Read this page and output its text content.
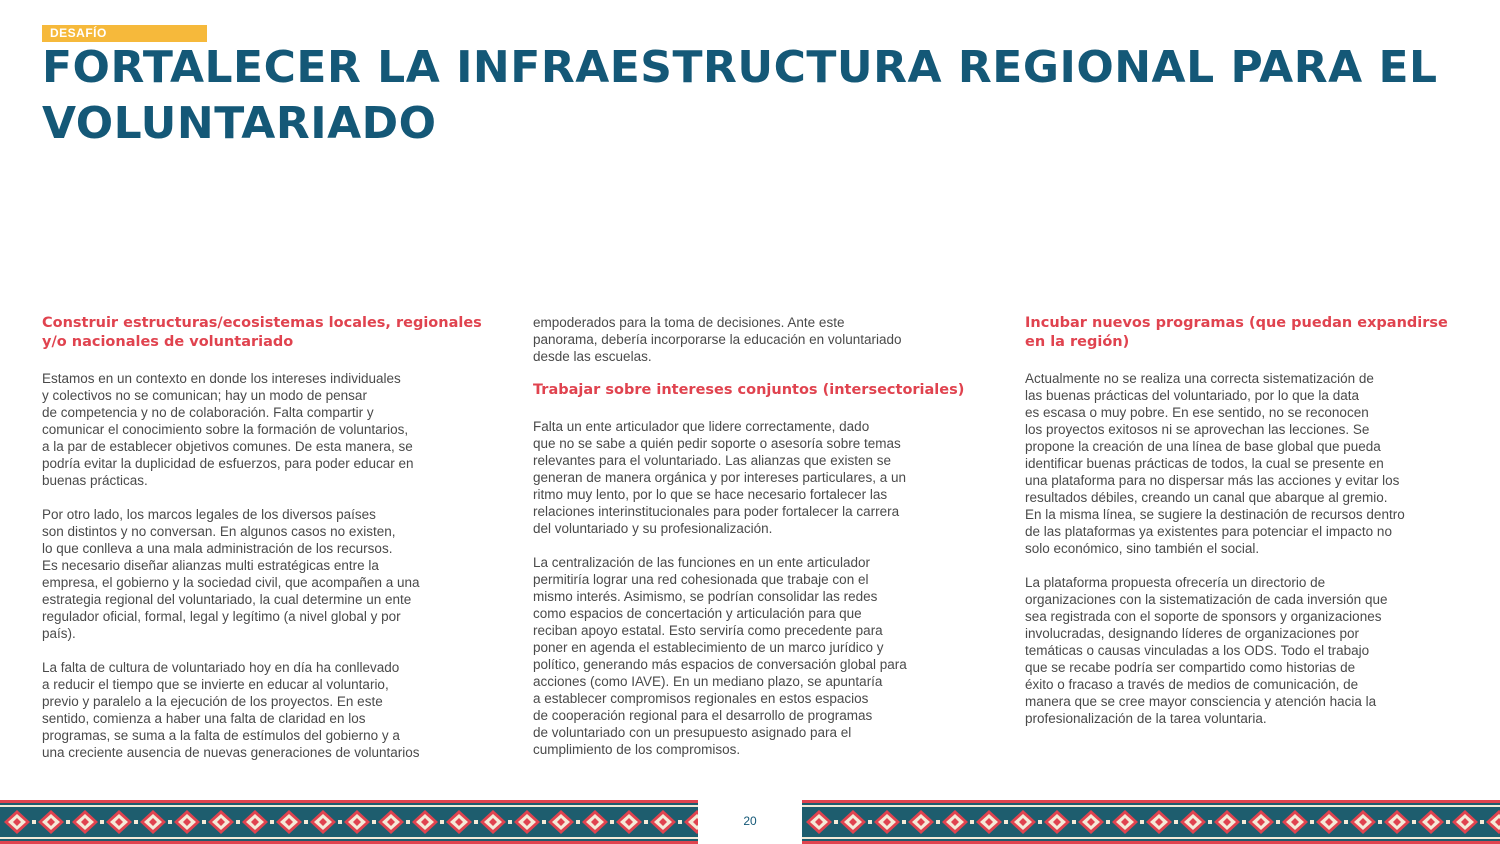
DESAFÍO
FORTALECER LA INFRAESTRUCTURA REGIONAL PARA EL VOLUNTARIADO
Construir estructuras/ecosistemas locales, regionales y/o nacionales de voluntariado

Estamos en un contexto en donde los intereses individuales
y colectivos no se comunican; hay un modo de pensar
de competencia y no de colaboración. Falta compartir y
comunicar el conocimiento sobre la formación de voluntarios,
a la par de establecer objetivos comunes. De esta manera, se
podría evitar la duplicidad de esfuerzos, para poder educar en
buenas prácticas.

Por otro lado, los marcos legales de los diversos países
son distintos y no conversan. En algunos casos no existen,
lo que conlleva a una mala administración de los recursos.
Es necesario diseñar alianzas multi estratégicas entre la
empresa, el gobierno y la sociedad civil, que acompañen a una
estrategia regional del voluntariado, la cual determine un ente
regulador oficial, formal, legal y legítimo (a nivel global y por
país).

La falta de cultura de voluntariado hoy en día ha conllevado
a reducir el tiempo que se invierte en educar al voluntario,
previo y paralelo a la ejecución de los proyectos. En este
sentido, comienza a haber una falta de claridad en los
programas, se suma a la falta de estímulos del gobierno y a
una creciente ausencia de nuevas generaciones de voluntarios

empoderados para la toma de decisiones. Ante este
panorama, debería incorporarse la educación en voluntariado
desde las escuelas.

Trabajar sobre intereses conjuntos (intersectoriales)

Falta un ente articulador que lidere correctamente, dado
que no se sabe a quién pedir soporte o asesoría sobre temas
relevantes para el voluntariado. Las alianzas que existen se
generan de manera orgánica y por intereses particulares, a un
ritmo muy lento, por lo que se hace necesario fortalecer las
relaciones interinstitucionales para poder fortalecer la carrera
del voluntariado y su profesionalización.

La centralización de las funciones en un ente articulador
permitiría lograr una red cohesionada que trabaje con el
mismo interés. Asimismo, se podrían consolidar las redes
como espacios de concertación y articulación para que
reciban apoyo estatal. Esto serviría como precedente para
poner en agenda el establecimiento de un marco jurídico y
político, generando más espacios de conversación global para
acciones (como IAVE). En un mediano plazo, se apuntaría
a establecer compromisos regionales en estos espacios
de cooperación regional para el desarrollo de programas
de voluntariado con un presupuesto asignado para el
cumplimiento de los compromisos.

Incubar nuevos programas (que puedan expandirse en la región)

Actualmente no se realiza una correcta sistematización de
las buenas prácticas del voluntariado, por lo que la data
es escasa o muy pobre. En ese sentido, no se reconocen
los proyectos exitosos ni se aprovechan las lecciones. Se
propone la creación de una línea de base global que pueda
identificar buenas prácticas de todos, la cual se presente en
una plataforma para no dispersar más las acciones y evitar los
resultados débiles, creando un canal que abarque al gremio.
En la misma línea, se sugiere la destinación de recursos dentro
de las plataformas ya existentes para potenciar el impacto no
solo económico, sino también el social.

La plataforma propuesta ofrecería un directorio de
organizaciones con la sistematización de cada inversión que
sea registrada con el soporte de sponsors y organizaciones
involucradas, designando líderes de organizaciones por
temáticas o causas vinculadas a los ODS. Todo el trabajo
que se recabe podría ser compartido como historias de
éxito o fracaso a través de medios de comunicación, de
manera que se cree mayor consciencia y atención hacia la
profesionalización de la tarea voluntaria.

20
